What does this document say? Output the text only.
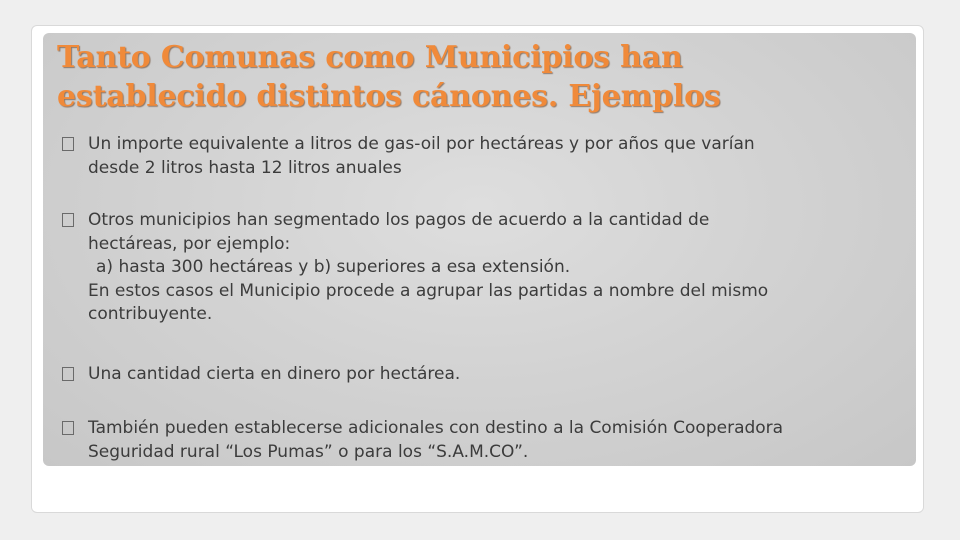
Tanto Comunas como Municipios han
establecido distintos cánones. Ejemplos
Un importe equivalente a litros de gas-oil por hectáreas y por años que varían
desde 2 litros hasta 12 litros anuales
Otros municipios han segmentado los pagos de acuerdo a la cantidad de
hectáreas, por ejemplo:
a) hasta 300 hectáreas y b) superiores a esa extensión.
En estos casos el Municipio procede a agrupar las partidas a nombre del mismo
contribuyente.
Una cantidad cierta en dinero por hectárea.
También pueden establecerse adicionales con destino a la Comisión Cooperadora
Seguridad rural “Los Pumas” o para los “S.A.M.CO”.
